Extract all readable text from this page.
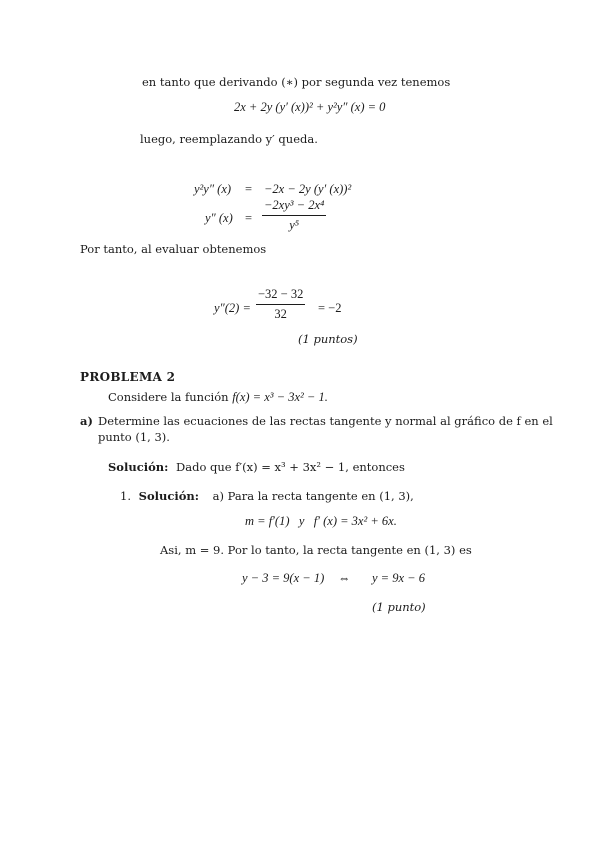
en tanto que derivando (∗) por segunda vez tenemos
2x + 2y (y′ (x))² + y²y″ (x) = 0
luego, reemplazando y′ queda.
y²y″ (x) = −2x − 2y (y′ (x))²
y″ $(x) = \frac{\text{−2xy³ − 2x⁴}}{\text{y⁵}}$
Por tanto, al evaluar obtenemos
$y''(2) = \frac{-32 - 32}{32} = -2$
(1 puntos)
PROBLEMA 2
Considere la función f(x) = x³ − 3x² − 1.
a) Determine las ecuaciones de las rectas tangente y normal al gráfico de f en el
punto (1, 3).
Solución: Dado que f′(x) = x³ + 3x² − 1, entonces
1. Solución: a) Para la recta tangente en (1, 3),
m = f′(1)   y   f′ (x) = 3x² + 6x.
Asi, m = 9. Por lo tanto, la recta tangente en (1, 3) es
y − 3 = 9(x − 1) ⇔ y = 9x − 6
(1 punto)
